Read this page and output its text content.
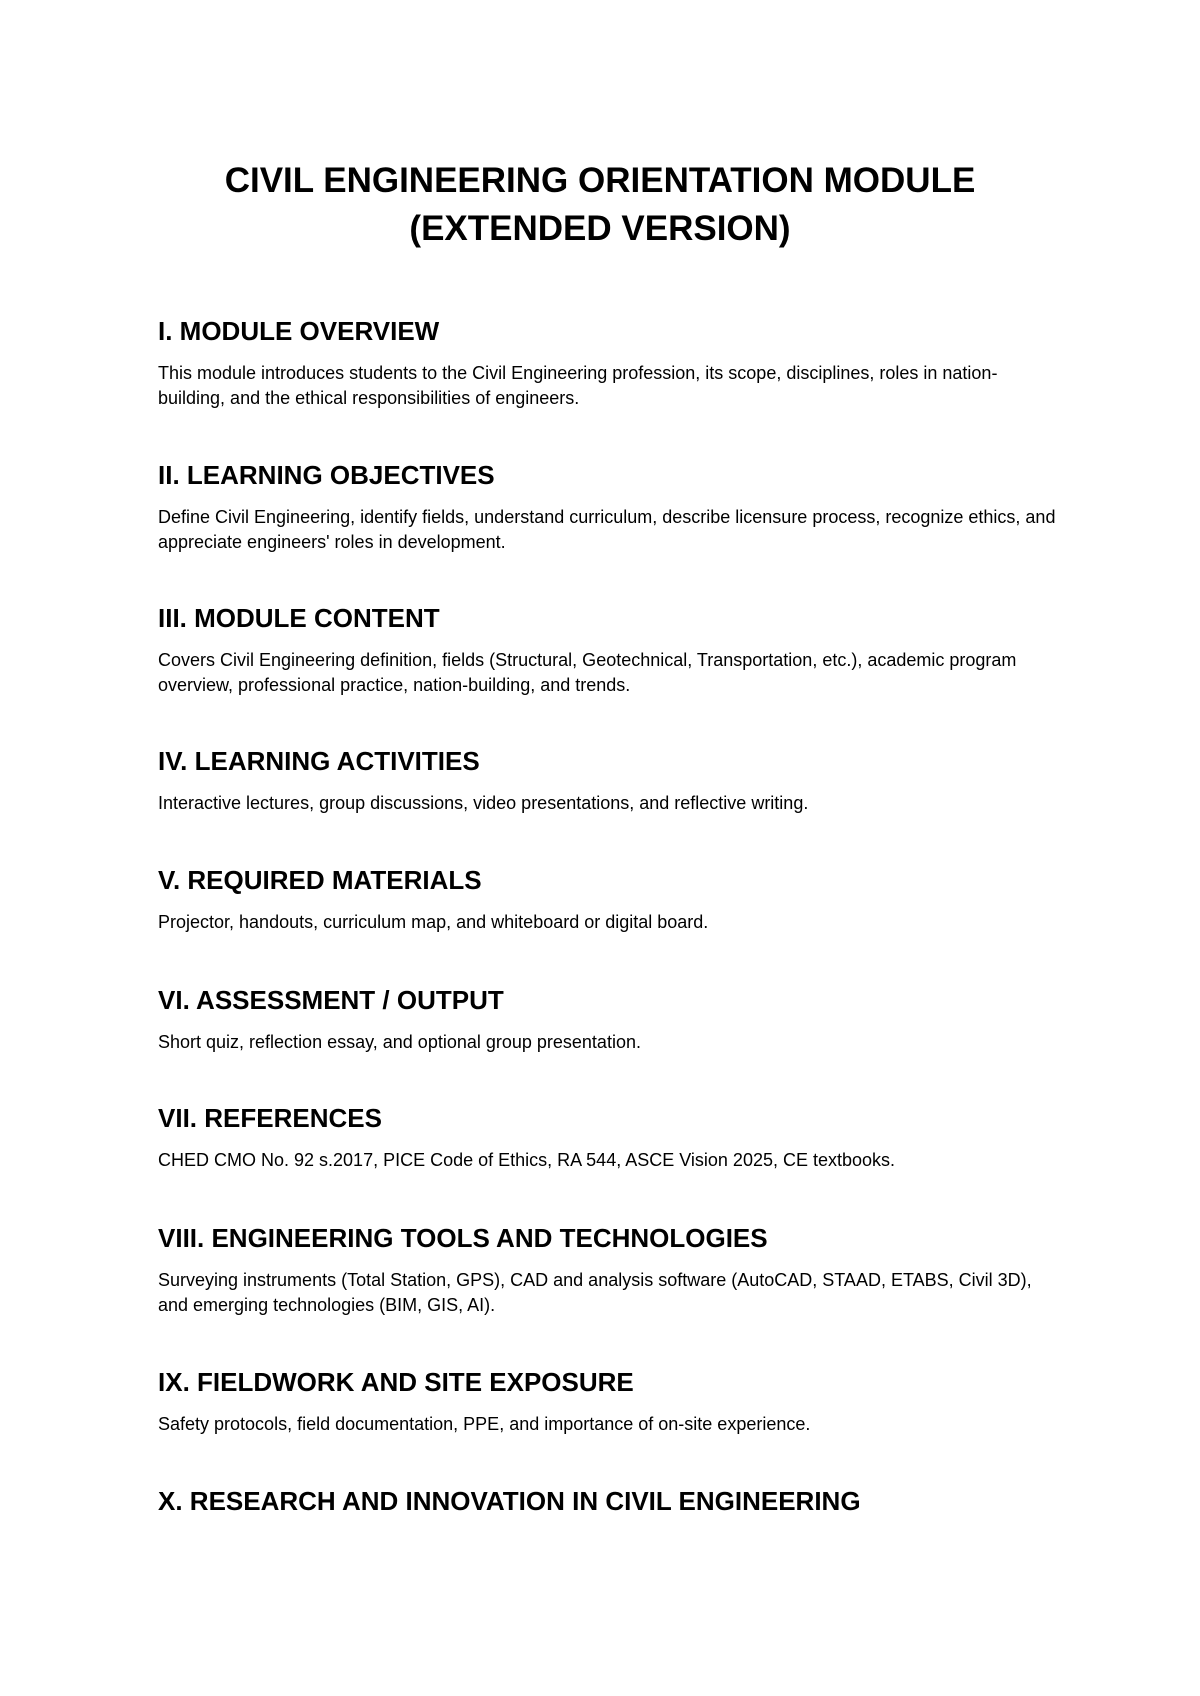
CIVIL ENGINEERING ORIENTATION MODULE
(EXTENDED VERSION)
I. MODULE OVERVIEW

This module introduces students to the Civil Engineering profession, its scope, disciplines, roles in nation-building, and the ethical responsibilities of engineers.

II. LEARNING OBJECTIVES

Define Civil Engineering, identify fields, understand curriculum, describe licensure process, recognize ethics, and appreciate engineers' roles in development.

III. MODULE CONTENT

Covers Civil Engineering definition, fields (Structural, Geotechnical, Transportation, etc.), academic program overview, professional practice, nation-building, and trends.

IV. LEARNING ACTIVITIES

Interactive lectures, group discussions, video presentations, and reflective writing.

V. REQUIRED MATERIALS

Projector, handouts, curriculum map, and whiteboard or digital board.

VI. ASSESSMENT / OUTPUT

Short quiz, reflection essay, and optional group presentation.

VII. REFERENCES

CHED CMO No. 92 s.2017, PICE Code of Ethics, RA 544, ASCE Vision 2025, CE textbooks.

VIII. ENGINEERING TOOLS AND TECHNOLOGIES

Surveying instruments (Total Station, GPS), CAD and analysis software (AutoCAD, STAAD, ETABS, Civil 3D), and emerging technologies (BIM, GIS, AI).

IX. FIELDWORK AND SITE EXPOSURE

Safety protocols, field documentation, PPE, and importance of on-site experience.

X. RESEARCH AND INNOVATION IN CIVIL ENGINEERING
